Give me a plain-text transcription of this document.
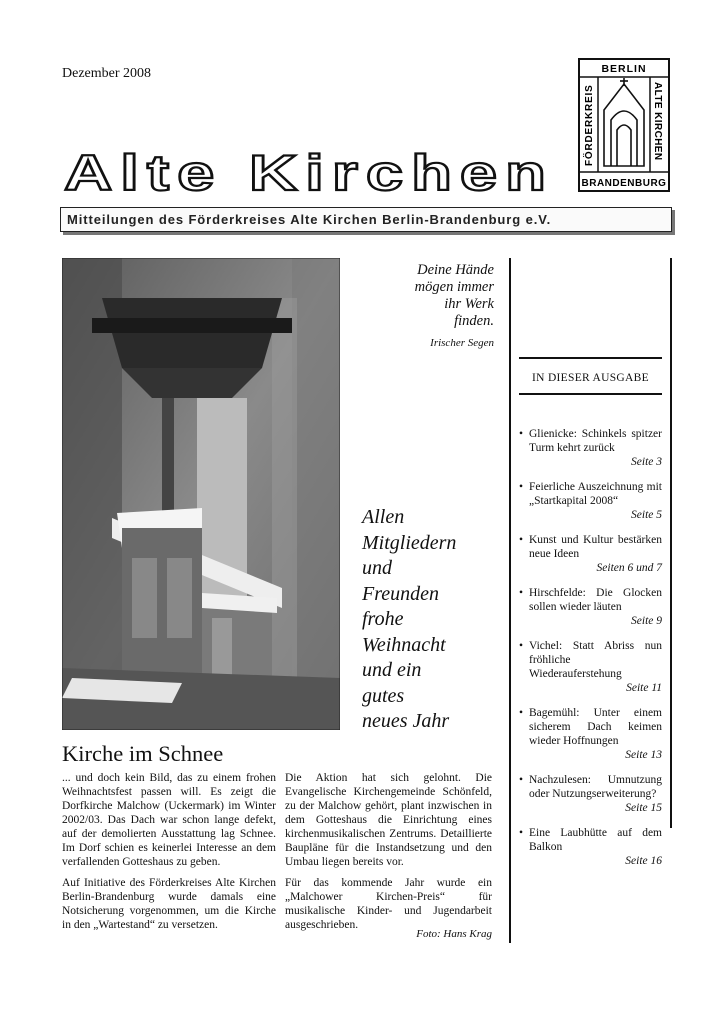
Dezember 2008
Alte Kirchen
BERLIN
BRANDENBURG
FÖRDERKREIS	ALTE KIRCHEN
Mitteilungen des Förderkreises Alte Kirchen Berlin-Brandenburg e.V.
Deine Hände
mögen immer
ihr Werk
finden.
Irischer Segen
Allen
Mitgliedern
und
Freunden
frohe
Weihnacht
und ein
gutes
neues Jahr
Kirche im Schnee

... und doch kein Bild, das zu einem frohen Weihnachtsfest passen will. Es zeigt die Dorfkirche Malchow (Uckermark) im Winter 2002/03. Das Dach war schon lange defekt, auf der demolierten Ausstattung lag Schnee. Im Dorf schien es keinerlei Interesse an dem verfallenden Gotteshaus zu geben.

Auf Initiative des Förderkreises Alte Kirchen Berlin-Brandenburg wurde damals eine Notsicherung vorgenommen, um die Kirche in den „Wartestand“ zu versetzen.

Die Aktion hat sich gelohnt. Die Evangelische Kirchengemeinde Schönfeld, zu der Malchow gehört, plant inzwischen in dem Gotteshaus die Einrichtung eines kirchenmusikalischen Zentrums. Detaillierte Baupläne für die Instandsetzung und den Umbau liegen bereits vor.

Für das kommende Jahr wurde ein „Malchower Kirchen-Preis“ für musikalische Kinder- und Jugendarbeit ausgeschrieben.

Foto: Hans Krag
IN DIESER AUSGABE
• Glienicke: Schinkels spitzer Turm kehrt zurück
Seite 3
• Feierliche Auszeichnung mit „Startkapital 2008“
Seite 5
• Kunst und Kultur bestärken neue Ideen
Seiten 6 und 7
• Hirschfelde: Die Glocken sollen wieder läuten
Seite 9
• Vichel: Statt Abriss nun fröhliche Wiederauferstehung
Seite 11
• Bagemühl: Unter einem sicherem Dach keimen wieder Hoffnungen
Seite 13
• Nachzulesen: Umnutzung oder Nutzungserweiterung?
Seite 15
• Eine Laubhütte auf dem Balkon
Seite 16
